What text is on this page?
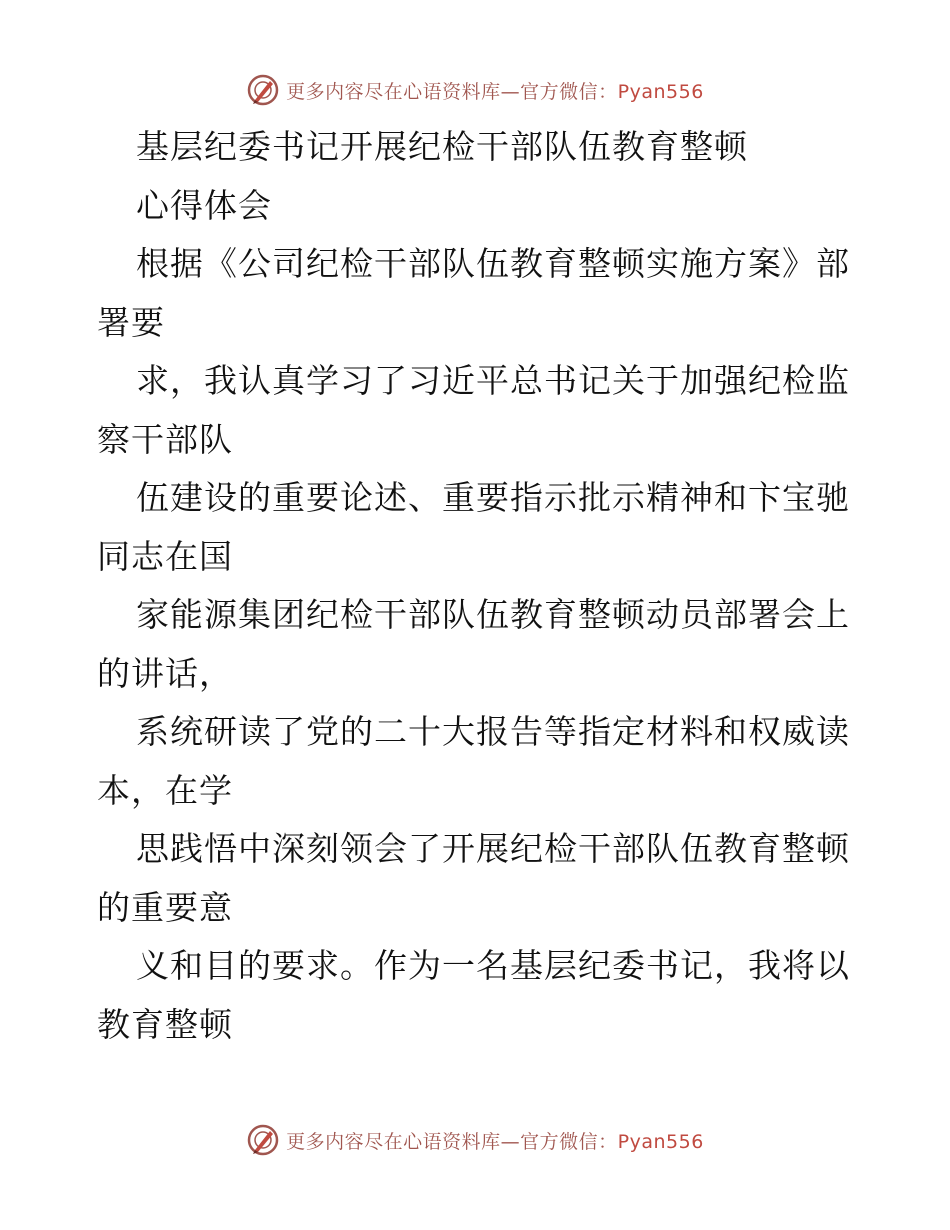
更多内容尽在心语资料库—官方微信：Pyan556
基层纪委书记开展纪检干部队伍教育整顿
心得体会
根据《公司纪检干部队伍教育整顿实施方案》部
署要
求，我认真学习了习近平总书记关于加强纪检监
察干部队
伍建设的重要论述、重要指示批示精神和卞宝驰
同志在国
家能源集团纪检干部队伍教育整顿动员部署会上
的讲话，
系统研读了党的二十大报告等指定材料和权威读
本，在学
思践悟中深刻领会了开展纪检干部队伍教育整顿
的重要意
义和目的要求。作为一名基层纪委书记，我将以
教育整顿
更多内容尽在心语资料库—官方微信：Pyan556
